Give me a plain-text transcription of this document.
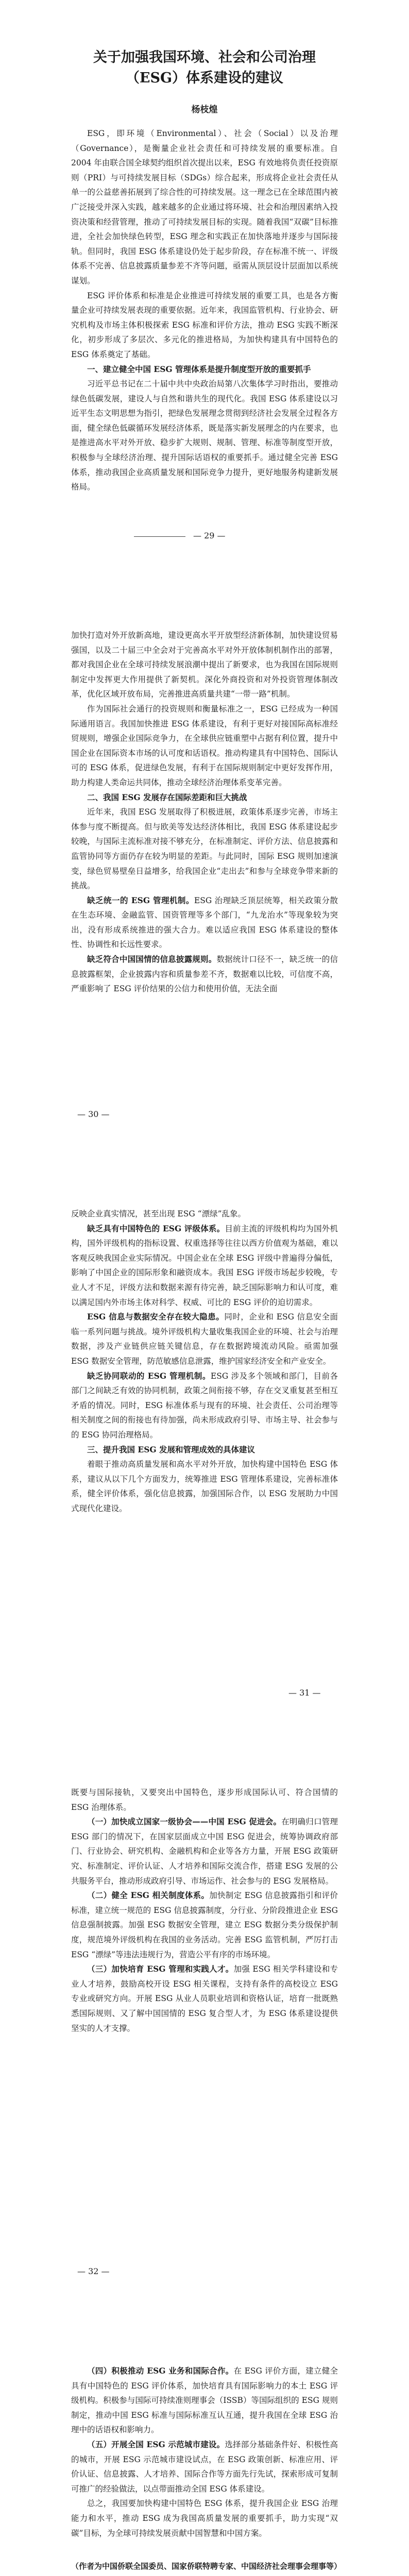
关于加强我国环境、社会和公司治理
（ESG）体系建设的建议
杨枝煌

ESG，即环境（Environmental）、社会（Social）以及治理（Governance），是衡量企业社会责任和可持续发展的重要标准。自 2004 年由联合国全球契约组织首次提出以来，ESG 有效地将负责任投资原则（PRI）与可持续发展目标（SDGs）综合起来，形成将企业社会责任从单一的公益慈善拓展到了综合性的可持续发展。这一理念已在全球范围内被广泛接受并深入实践，越来越多的企业通过将环境、社会和治理因素纳入投资决策和经营管理，推动了可持续发展目标的实现。随着我国“双碳”目标推进，全社会加快绿色转型，ESG 理念和实践正在加快落地并逐步与国际接轨。但同时，我国 ESG 体系建设仍处于起步阶段，存在标准不统一、评级体系不完善、信息披露质量参差不齐等问题，亟需从顶层设计层面加以系统谋划。

ESG 评价体系和标准是企业推进可持续发展的重要工具，也是各方衡量企业可持续发展表现的重要依据。近年来，我国监管机构、行业协会、研究机构及市场主体积极探索 ESG 标准和评价方法，推动 ESG 实践不断深化，初步形成了多层次、多元化的推进格局，为加快构建具有中国特色的 ESG 体系奠定了基础。

一、建立健全中国 ESG 管理体系是提升制度型开放的重要抓手

习近平总书记在二十届中共中央政治局第八次集体学习时指出，要推动绿色低碳发展，建设人与自然和谐共生的现代化。我国 ESG 体系建设以习近平生态文明思想为指引，把绿色发展理念贯彻到经济社会发展全过程各方面，健全绿色低碳循环发展经济体系，既是落实新发展理念的内在要求，也是推进高水平对外开放、稳步扩大规则、规制、管理、标准等制度型开放，积极参与全球经济治理、提升国际话语权的重要抓手。通过健全完善 ESG 体系，推动我国企业高质量发展和国际竞争力提升，更好地服务构建新发展格局。

— 29 —

加快打造对外开放新高地，建设更高水平开放型经济新体制，加快建设贸易强国，以及二十届三中全会对于完善高水平对外开放体制机制作出的部署，都对我国企业在全球可持续发展浪潮中提出了新要求，也为我国在国际规则制定中发挥更大作用提供了新契机。深化外商投资和对外投资管理体制改革，优化区域开放布局，完善推进高质量共建“一带一路”机制。

作为国际社会通行的投资规则和衡量标准之一，ESG 已经成为一种国际通用语言。我国加快推进 ESG 体系建设，有利于更好对接国际高标准经贸规则，增强企业国际竞争力，在全球供应链重塑中占据有利位置，提升中国企业在国际资本市场的认可度和话语权。推动构建具有中国特色、国际认可的 ESG 体系，促进绿色发展，有利于在国际规则制定中更好发挥作用，助力构建人类命运共同体，推动全球经济治理体系变革完善。

二、我国 ESG 发展存在国际差距和巨大挑战

近年来，我国 ESG 发展取得了积极进展，政策体系逐步完善，市场主体参与度不断提高。但与欧美等发达经济体相比，我国 ESG 体系建设起步较晚，与国际主流标准对接不够充分，在标准制定、评价方法、信息披露和监管协同等方面仍存在较为明显的差距。与此同时，国际 ESG 规则加速演变，绿色贸易壁垒日益增多，给我国企业“走出去”和参与全球竞争带来新的挑战。

缺乏统一的 ESG 管理机制。ESG 治理缺乏顶层统筹，相关政策分散在生态环境、金融监管、国资管理等多个部门，“九龙治水”等现象较为突出，没有形成系统推进的强大合力。难以适应我国 ESG 体系建设的整体性、协调性和长远性要求。

缺乏符合中国国情的信息披露规则。数据统计口径不一，缺乏统一的信息披露框架，企业披露内容和质量参差不齐，数据难以比较，可信度不高，严重影响了 ESG 评价结果的公信力和使用价值，无法全面

— 30 —

反映企业真实情况，甚至出现 ESG “漂绿”乱象。

缺乏具有中国特色的 ESG 评级体系。目前主流的评级机构均为国外机构，国外评级机构的指标设置、权重选择等往往以西方价值观为基础，难以客观反映我国企业实际情况。中国企业在全球 ESG 评级中普遍得分偏低，影响了中国企业的国际形象和融资成本。我国 ESG 评级市场起步较晚，专业人才不足，评级方法和数据来源有待完善，缺乏国际影响力和认可度，难以满足国内外市场主体对科学、权威、可比的 ESG 评价的迫切需求。

ESG 信息与数据安全存在较大隐患。同时，企业和 ESG 信息安全面临一系列问题与挑战。境外评级机构大量收集我国企业的环境、社会与治理数据，涉及产业链供应链关键信息，存在数据跨境流动风险。亟需加强 ESG 数据安全管理，防范敏感信息泄露，维护国家经济安全和产业安全。

缺乏协同联动的 ESG 管理机制。ESG 涉及多个领域和部门，目前各部门之间缺乏有效的协同机制，政策之间衔接不够，存在交叉重复甚至相互矛盾的情况。同时，ESG 标准体系与现有的环境、社会责任、公司治理等相关制度之间的衔接也有待加强，尚未形成政府引导、市场主导、社会参与的 ESG 协同治理格局。

三、提升我国 ESG 发展和管理成效的具体建议

着眼于推动高质量发展和高水平对外开放，加快构建中国特色 ESG 体系，建议从以下几个方面发力，统筹推进 ESG 管理体系建设，完善标准体系，健全评价体系，强化信息披露，加强国际合作，以 ESG 发展助力中国式现代化建设。

— 31 —

既要与国际接轨，又要突出中国特色，逐步形成国际认可、符合国情的 ESG 治理体系。

（一）加快成立国家一级协会——中国 ESG 促进会。在明确归口管理 ESG 部门的情况下，在国家层面成立中国 ESG 促进会，统筹协调政府部门、行业协会、研究机构、金融机构和企业等各方力量，开展 ESG 政策研究、标准制定、评价认证、人才培养和国际交流合作，搭建 ESG 发展的公共服务平台，推动形成政府引导、市场运作、社会参与的 ESG 发展格局。

（二）健全 ESG 相关制度体系。加快制定 ESG 信息披露指引和评价标准，建立统一规范的 ESG 信息披露制度，分行业、分阶段推进企业 ESG 信息强制披露。加强 ESG 数据安全管理，建立 ESG 数据分类分级保护制度，规范境外评级机构在我国的业务活动。完善 ESG 监管机制，严厉打击 ESG “漂绿”等违法违规行为，营造公平有序的市场环境。

（三）加快培育 ESG 管理和实践人才。加强 ESG 相关学科建设和专业人才培养，鼓励高校开设 ESG 相关课程，支持有条件的高校设立 ESG 专业或研究方向。开展 ESG 从业人员职业培训和资格认证，培育一批既熟悉国际规则、又了解中国国情的 ESG 复合型人才，为 ESG 体系建设提供坚实的人才支撑。

— 32 —

（四）积极推动 ESG 业务和国际合作。在 ESG 评价方面，建立健全具有中国特色的 ESG 评价体系，加快培育具有国际影响力的本土 ESG 评级机构。积极参与国际可持续准则理事会（ISSB）等国际组织的 ESG 规则制定，推动中国 ESG 标准与国际标准互认互通，提升我国在全球 ESG 治理中的话语权和影响力。

（五）开展全国 ESG 示范城市建设。选择部分基础条件好、积极性高的城市，开展 ESG 示范城市建设试点，在 ESG 政策创新、标准应用、评价认证、信息披露、人才培养、国际合作等方面先行先试，探索形成可复制可推广的经验做法，以点带面推动全国 ESG 体系建设。

总之，我国要加快构建中国特色 ESG 体系，提升我国企业 ESG 治理能力和水平，推动 ESG 成为我国高质量发展的重要抓手，助力实现“双碳”目标，为全球可持续发展贡献中国智慧和中国方案。

（作者为中国侨联全国委员、国家侨联特聘专家、中国经济社会理事会理事等）
